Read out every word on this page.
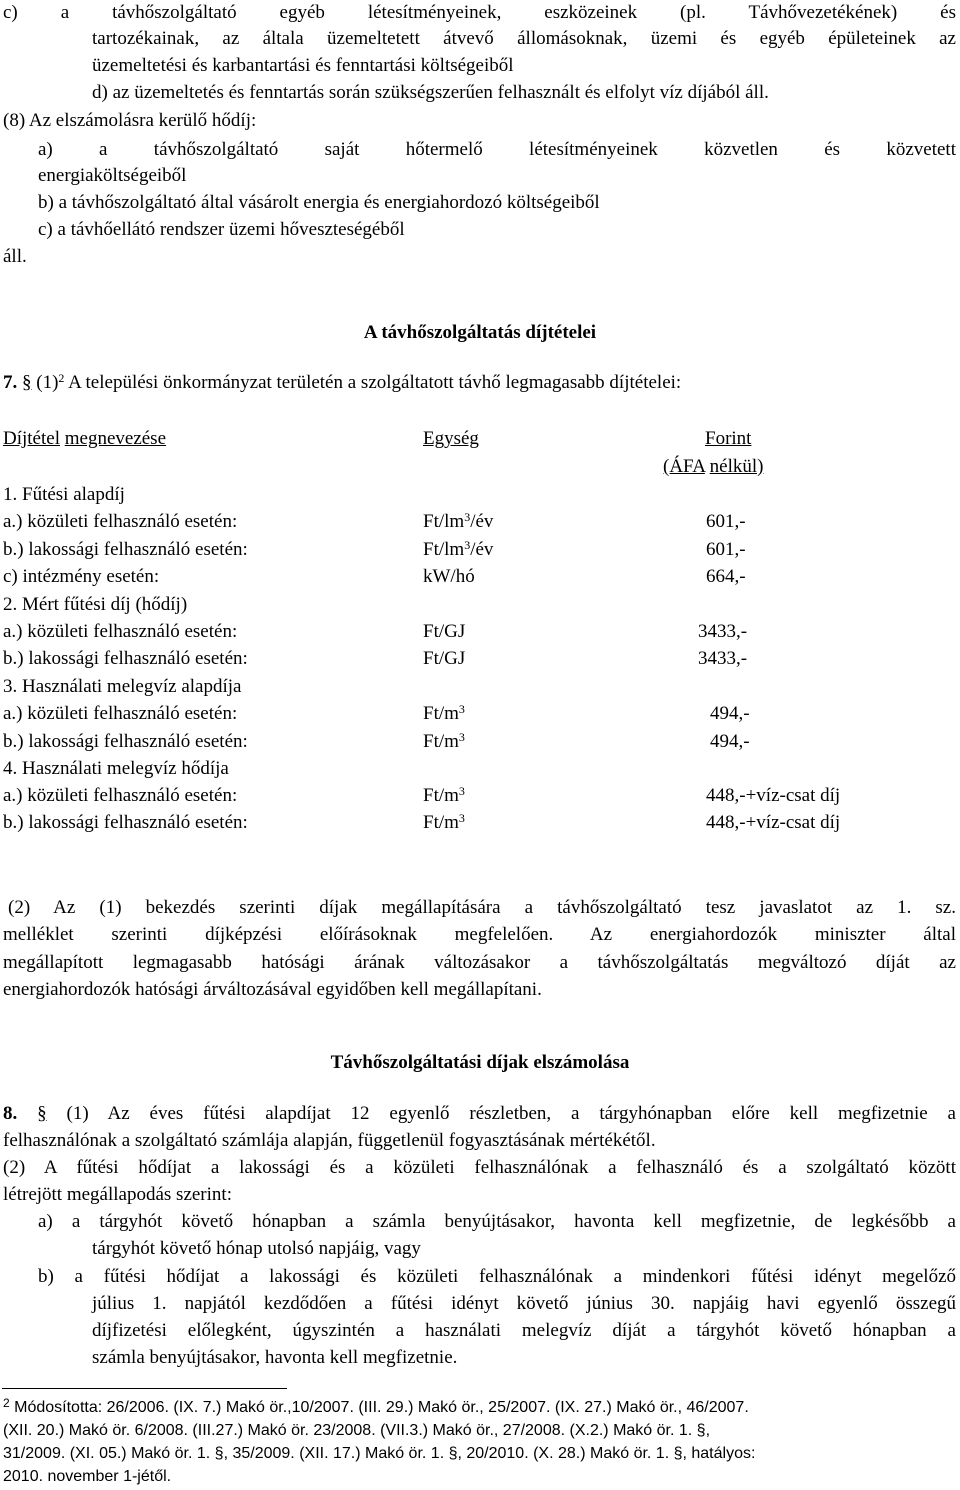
c) a távhőszolgáltató egyéb létesítményeinek, eszközeinek (pl. Távhővezetékének) és
tartozékainak, az általa üzemeltetett átvevő állomásoknak, üzemi és egyéb épületeinek az
üzemeltetési és karbantartási és fenntartási költségeiből
d) az üzemeltetés és fenntartás során szükségszerűen felhasznált és elfolyt víz díjából áll.
(8) Az elszámolásra kerülő hődíj:
a) a távhőszolgáltató saját hőtermelő létesítményeinek közvetlen és közvetett
energiaköltségeiből
b) a távhőszolgáltató által vásárolt energia és energiahordozó költségeiből
c) a távhőellátó rendszer üzemi hőveszteségéből
áll.
A távhőszolgáltatás díjtételei
7. § $(1)^2$ A települési önkormányzat területén a szolgáltatott távhő legmagasabb díjtételei:
Díjtétel megnevezése	Egység	Forint
(ÁFA nélkül)
1. Fűtési alapdíj
a.) közületi felhasználó esetén:	$Ft/lm^3/év$	601,-
b.) lakossági felhasználó esetén:	$Ft/lm^3/év$	601,-
c) intézmény esetén:	kW/hó	664,-
2. Mért fűtési díj (hődíj)
a.) közületi felhasználó esetén:	Ft/GJ	3433,-
b.) lakossági felhasználó esetén:	Ft/GJ	3433,-
3. Használati melegvíz alapdíja
a.) közületi felhasználó esetén:	$Ft/m^3$	494,-
b.) lakossági felhasználó esetén:	$Ft/m^3$	494,-
4. Használati melegvíz hődíja
a.) közületi felhasználó esetén:	$Ft/m^3$	448,-+víz-csat díj
b.) lakossági felhasználó esetén:	$Ft/m^3$	448,-+víz-csat díj
(2) Az (1) bekezdés szerinti díjak megállapítására a távhőszolgáltató tesz javaslatot az 1. sz.
melléklet szerinti díjképzési előírásoknak megfelelően. Az energiahordozók miniszter által
megállapított legmagasabb hatósági árának változásakor a távhőszolgáltatás megváltozó díját az
energiahordozók hatósági árváltozásával egyidőben kell megállapítani.
Távhőszolgáltatási díjak elszámolása
8. § (1) Az éves fűtési alapdíjat 12 egyenlő részletben, a tárgyhónapban előre kell megfizetnie a
felhasználónak a szolgáltató számlája alapján, függetlenül fogyasztásának mértékétől.
(2) A fűtési hődíjat a lakossági és a közületi felhasználónak a felhasználó és a szolgáltató között
létrejött megállapodás szerint:
a) a tárgyhót követő hónapban a számla benyújtásakor, havonta kell megfizetnie, de legkésőbb a
tárgyhót követő hónap utolsó napjáig, vagy
b) a fűtési hődíjat a lakossági és közületi felhasználónak a mindenkori fűtési idényt megelőző
július 1. napjától kezdődően a fűtési idényt követő június 30. napjáig havi egyenlő összegű
díjfizetési előlegként, úgyszintén a használati melegvíz díját a tárgyhót követő hónapban a
számla benyújtásakor, havonta kell megfizetnie.
$^2$ Módosította: 26/2006. (IX. 7.) Makó ör.,10/2007. (III. 29.) Makó ör., 25/2007. (IX. 27.) Makó ör., 46/2007.
(XII. 20.) Makó ör. 6/2008. (III.27.) Makó ör. 23/2008. (VII.3.) Makó ör., 27/2008. (X.2.) Makó ör. 1. §,
31/2009. (XI. 05.) Makó ör. 1. §, 35/2009. (XII. 17.) Makó ör. 1. §, 20/2010. (X. 28.) Makó ör. 1. §, hatályos:
2010. november 1-jétől.
